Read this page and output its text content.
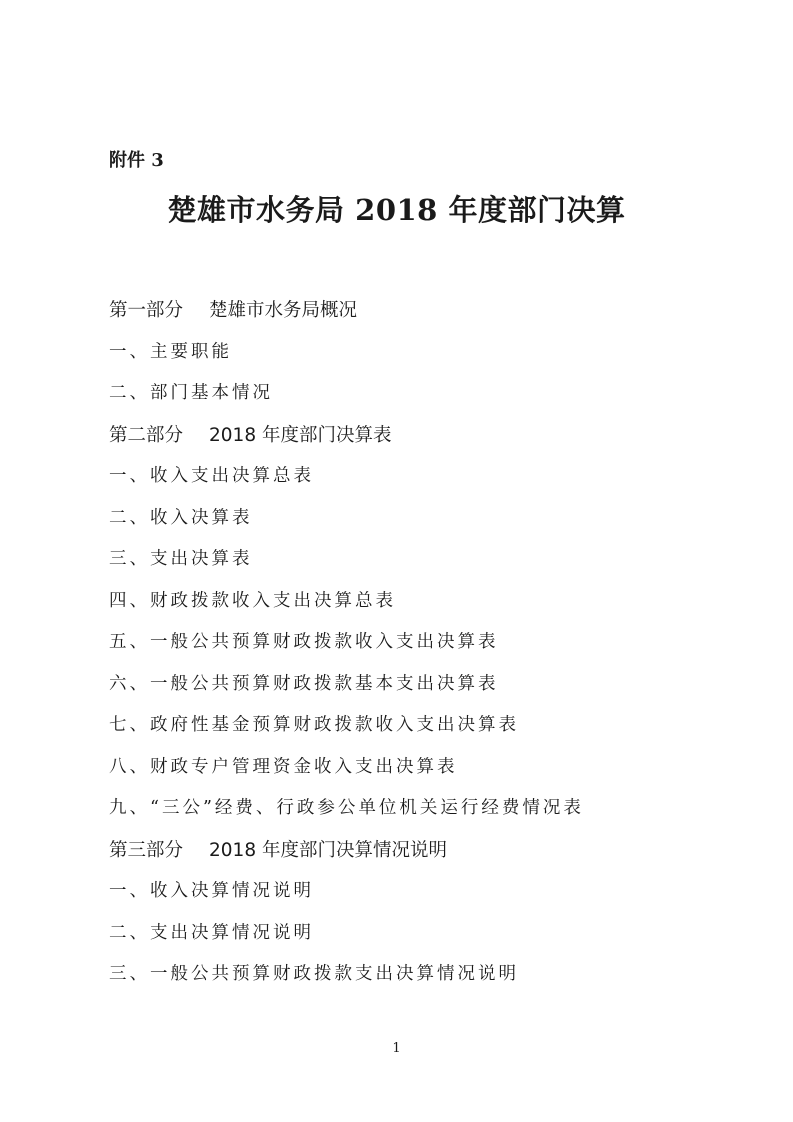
附件 3
楚雄市水务局 2018 年度部门决算
第一部分 楚雄市水务局概况
一、主要职能
二、部门基本情况
第二部分 2018 年度部门决算表
一、收入支出决算总表
二、收入决算表
三、支出决算表
四、财政拨款收入支出决算总表
五、一般公共预算财政拨款收入支出决算表
六、一般公共预算财政拨款基本支出决算表
七、政府性基金预算财政拨款收入支出决算表
八、财政专户管理资金收入支出决算表
九、“三公”经费、行政参公单位机关运行经费情况表
第三部分 2018 年度部门决算情况说明
一、收入决算情况说明
二、支出决算情况说明
三、一般公共预算财政拨款支出决算情况说明
1
